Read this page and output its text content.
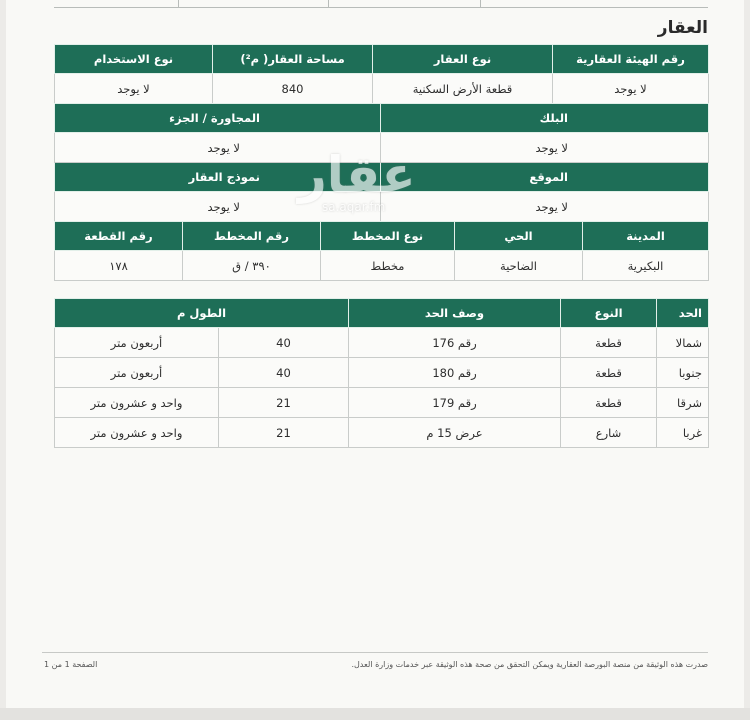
العقار
رقم الهيئة العقارية	نوع العقار	مساحة العقار( م²)	نوع الاستخدام
لا يوجد	قطعة الأرض السكنية	840	لا يوجد
البلك	المجاورة / الجزء
لا يوجد	لا يوجد
الموقع	نموذج العقار
لا يوجد	لا يوجد
المدينة	الحي	نوع المخطط	رقم المخطط	رقم القطعة
البكيرية	الضاحية	مخطط	٣٩٠ / ق	١٧٨
الحد	النوع	وصف الحد	الطول م	
شمالا	قطعة	رقم 176	40	أربعون متر
جنوبا	قطعة	رقم 180	40	أربعون متر
شرقا	قطعة	رقم 179	21	واحد و عشرون متر
غربا	شارع	عرض 15 م	21	واحد و عشرون متر
عقار
sa.aqar.fm
صدرت هذه الوثيقة من منصة البورصة العقارية ويمكن التحقق من صحة هذه الوثيقة عبر خدمات وزارة العدل.
الصفحة 1 من 1
